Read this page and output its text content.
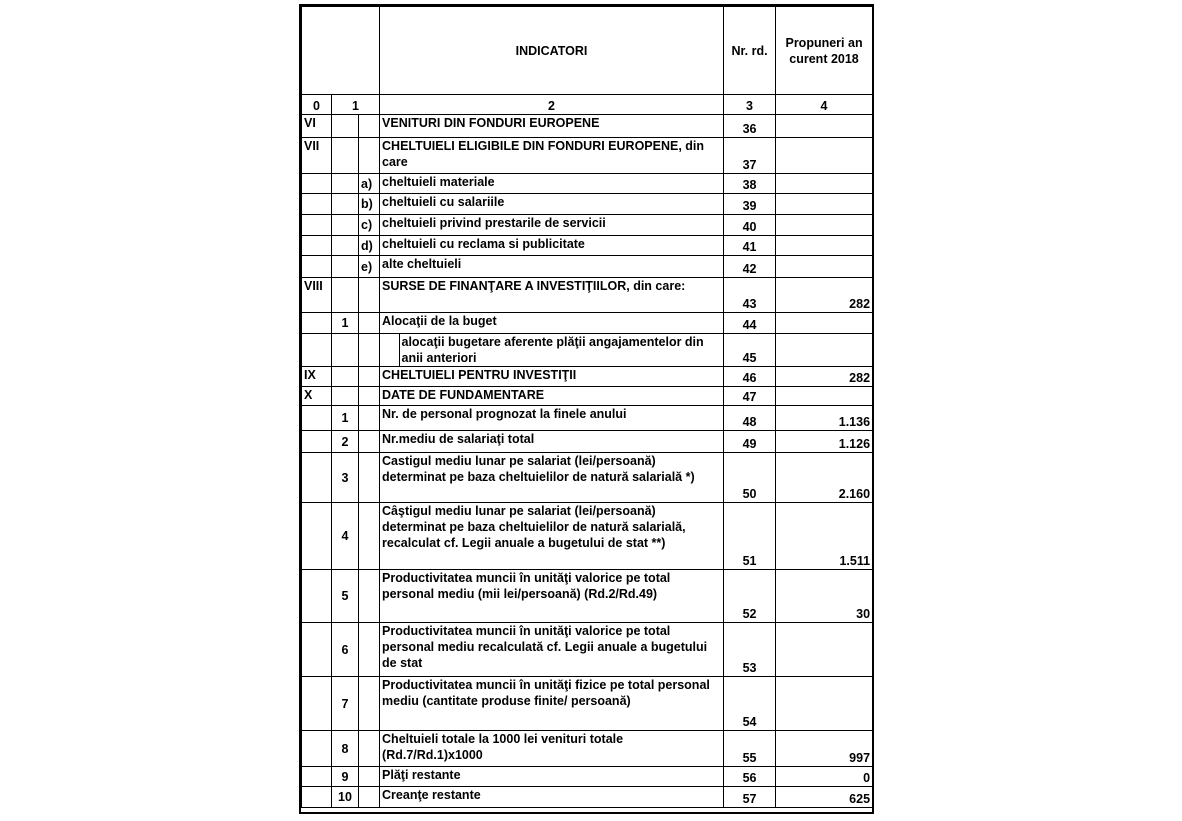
			INDICATORI	Nr. rd.	Propuneri an curent 2018
0	1		2	3	4
VI			VENITURI DIN FONDURI EUROPENE	36	
VII			CHELTUIELI ELIGIBILE DIN FONDURI EUROPENE, din care	37	
		a)	cheltuieli materiale	38	
		b)	cheltuieli cu salariile	39	
		c)	cheltuieli privind prestarile de servicii	40	
		d)	cheltuieli cu reclama si publicitate	41	
		e)	alte cheltuieli	42	
VIII			SURSE DE FINANŢARE A INVESTIŢIILOR, din care:	43	282
	1		Alocaţii de la buget	44	

			alocaţii bugetare aferente plăţii angajamentelor din anii anteriori	45	
IX			CHELTUIELI PENTRU INVESTIŢII	46	282
X			DATE DE FUNDAMENTARE	47	
	1		Nr. de personal prognozat la finele anului	48	1.136
	2		Nr.mediu de salariaţi total	49	1.126
	3		Castigul mediu lunar pe salariat (lei/persoană) determinat pe baza cheltuielilor de natură salarială *)	50	2.160
	4		Câştigul mediu lunar pe salariat (lei/persoană) determinat pe baza cheltuielilor de natură salarială, recalculat cf. Legii anuale a bugetului de stat **)	51	1.511
	5		Productivitatea muncii în unităţi valorice pe total personal mediu (mii lei/persoană) (Rd.2/Rd.49)	52	30
	6		Productivitatea muncii în unităţi valorice pe total personal mediu recalculată cf. Legii anuale a bugetului de stat	53	
	7		Productivitatea muncii în unităţi fizice pe total personal mediu (cantitate produse finite/ persoană)	54	
	8		Cheltuieli totale la 1000 lei venituri totale (Rd.7/Rd.1)x1000	55	997
	9		Plăţi restante	56	0
	10		Creanţe restante	57	625
